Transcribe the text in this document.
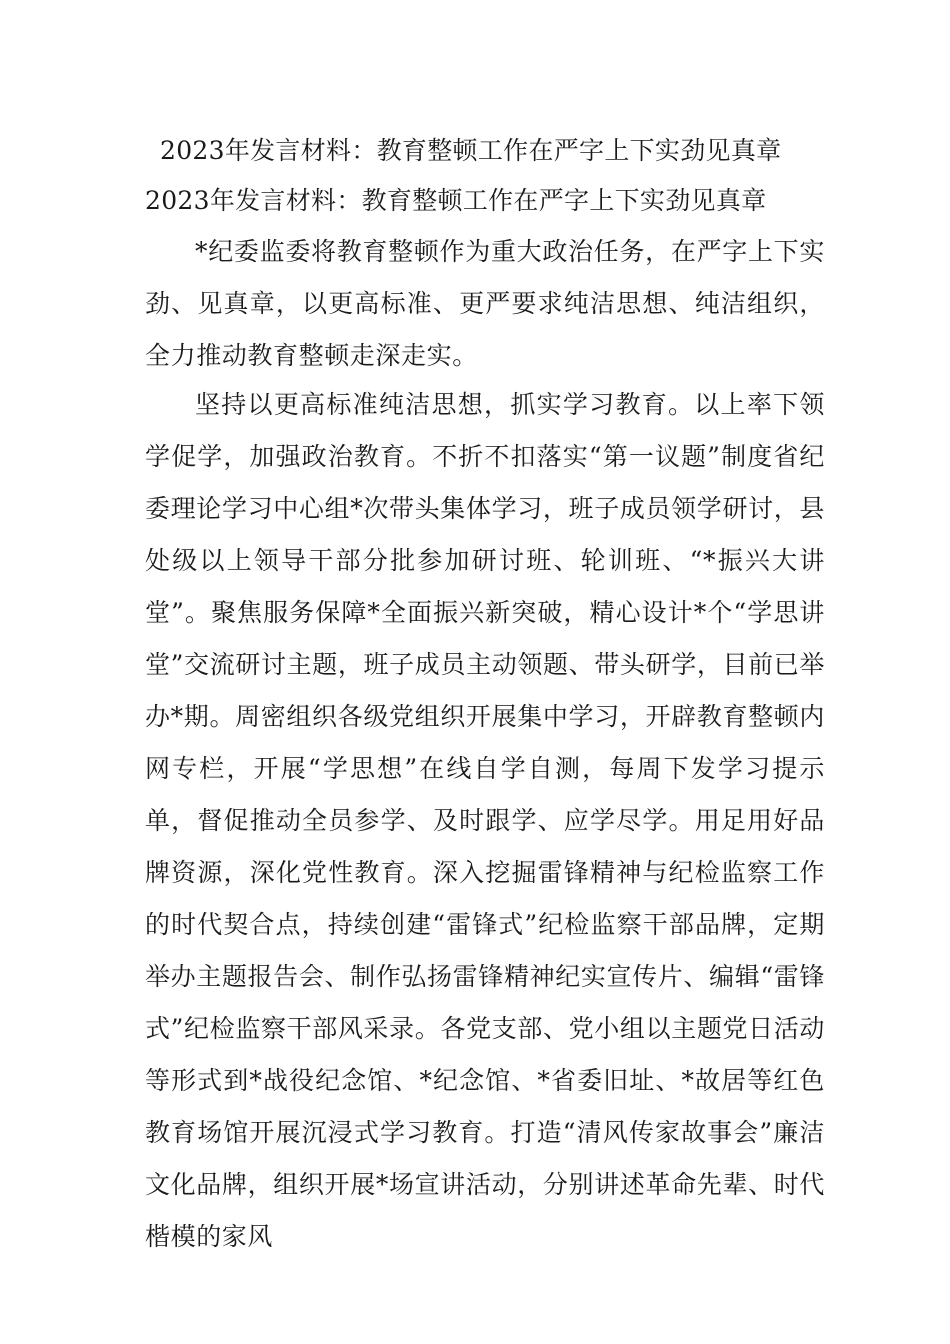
2023年发言材料：教育整顿工作在严字上下实劲见真章
2023年发言材料：教育整顿工作在严字上下实劲见真章

*纪委监委将教育整顿作为重大政治任务，在严字上下实劲、见真章，以更高标准、更严要求纯洁思想、纯洁组织，全力推动教育整顿走深走实。

坚持以更高标准纯洁思想，抓实学习教育。以上率下领学促学，加强政治教育。不折不扣落实“第一议题”制度省纪委理论学习中心组*次带头集体学习，班子成员领学研讨，县处级以上领导干部分批参加研讨班、轮训班、“*振兴大讲堂”。聚焦服务保障*全面振兴新突破，精心设计*个“学思讲堂”交流研讨主题，班子成员主动领题、带头研学，目前已举办*期。周密组织各级党组织开展集中学习，开辟教育整顿内网专栏，开展“学思想”在线自学自测，每周下发学习提示单，督促推动全员参学、及时跟学、应学尽学。用足用好品牌资源，深化党性教育。深入挖掘雷锋精神与纪检监察工作的时代契合点，持续创建“雷锋式”纪检监察干部品牌，定期举办主题报告会、制作弘扬雷锋精神纪实宣传片、编辑“雷锋式”纪检监察干部风采录。各党支部、党小组以主题党日活动等形式到*战役纪念馆、*纪念馆、*省委旧址、*故居等红色教育场馆开展沉浸式学习教育。打造“清风传家故事会”廉洁文化品牌，组织开展*场宣讲活动，分别讲述革命先辈、时代楷模的家风
